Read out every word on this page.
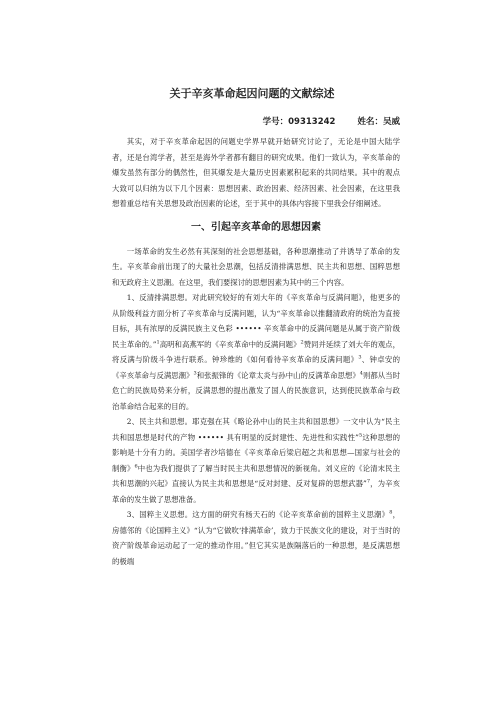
关于辛亥革命起因问题的文献综述
学号：09313242	姓名：吴威

其实，对于辛亥革命起因的问题史学界早就开始研究讨论了，无论是中国大陆学者，还是台湾学者，甚至是海外学者都有翻目的研究成果。他们一致认为，辛亥革命的爆发虽然有部分的偶然性，但其爆发是大量历史因素累积起来的共同结果。其中的观点大致可以归纳为以下几个因素：思想因素、政治因素、经济因素、社会因素，在这里我想着重总结有关思想及政治因素的论述，至于其中的具体内容接下里我会仔细阐述。

一、引起辛亥革命的思想因素

一场革命的发生必然有其深刻的社会思想基础，各种思潮推动了并诱导了革命的发生。辛亥革命前出现了的大量社会思潮，包括反清排满思想、民主共和思想、国粹思想和无政府主义思潮。在这里，我们要探讨的思想因素为其中的三个内容。

1、反清排满思想。对此研究较好的有刘大年的《辛亥革命与反满问题》，他更多的从阶级利益方面分析了辛亥革命与反满问题，认为“辛亥革命以推翻清政府的统治为直接目标，具有浓厚的反满民族主义色彩 •••••• 辛亥革命中的反满问题是从属于资产阶级民主革命的。”$^1$高明和高燕军的《辛亥革命中的反满问题》$^2$赞同并延续了刘大年的观点，将反满与阶级斗争进行联系。钟珍维的《如何看待辛亥革命的反满问题》$^3$、钟卓安的《辛亥革命与反满思潮》$^3$和张振锋的《论章太炎与孙中山的反满革命思想》$^4$则都从当时危亡的民族局势来分析，反满思想的提出激发了国人的民族意识，达到使民族革命与政治革命结合起来的目的。

2、民主共和思想。耶克强在其《略论孙中山的民主共和国思想》一文中认为“民主共和国思想是时代的产物 •••••• 具有明显的反封建性、先进性和实践性”$^5$这种思想的影响是十分有力的。美国学者沙培德在《辛亥革命后梁启超之共和思想—国家与社会的制衡》$^6$中也为我们提供了了解当时民主共和思想情况的新视角。刘义应的《论清末民主共和思潮的兴起》直接认为民主共和思想是“反对封建、反对复辟的思想武器”$^7$，为辛亥革命的发生做了思想准备。

3、国粹主义思想。这方面的研究有杨天石的《论辛亥革命前的国粹主义思潮》$^8$，房德邻的《论国粹主义》“认为“它做吹‘排满革命’，致力于民族文化的建设，对于当时的资产阶级革命运动起了一定的推动作用。”但它其实是族隔落后的一种思想，是反满思想的极端
